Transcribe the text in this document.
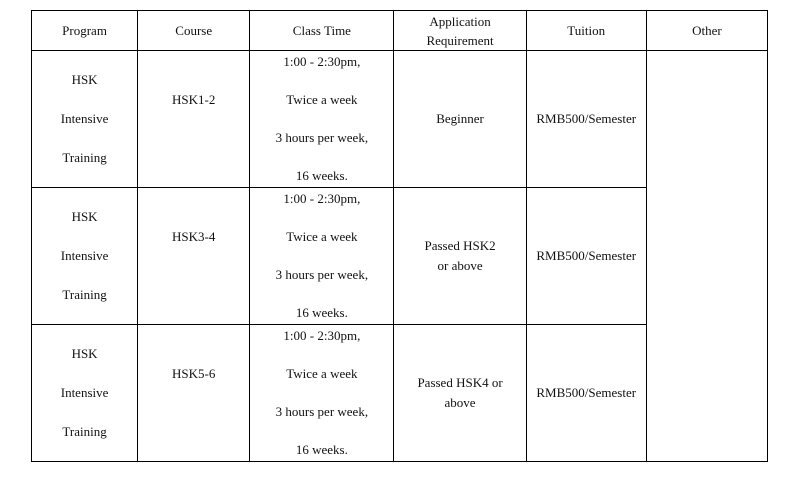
Program	Course	Class Time	Application
Requirement	Tuition	Other

HSK
Intensive
Training	HSK1-2	1:00 - 2:30pm,
Twice a week
3 hours per week,
16 weeks.	Beginner	RMB500/Semester	

HSK
Intensive
Training	HSK3-4	1:00 - 2:30pm,
Twice a week
3 hours per week,
16 weeks.	Passed HSK2
or above	RMB500/Semester	

HSK
Intensive
Training	HSK5-6	1:00 - 2:30pm,
Twice a week
3 hours per week,
16 weeks.	Passed HSK4 or
above	RMB500/Semester	
